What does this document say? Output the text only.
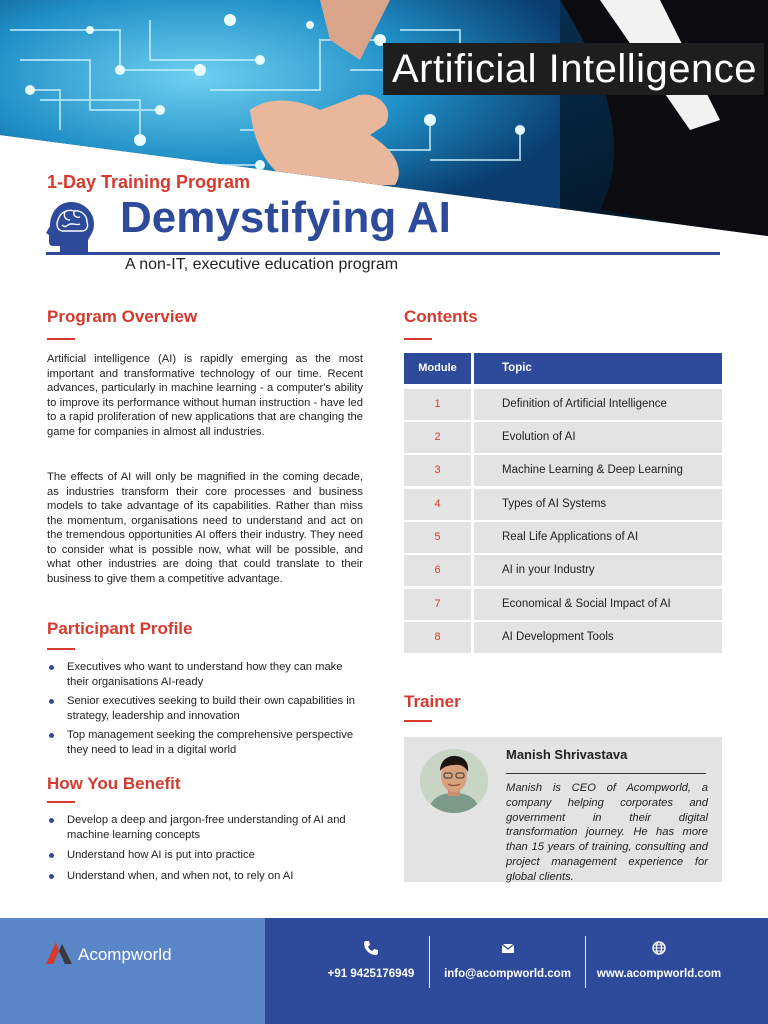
Artificial Intelligence
1-Day Training Program
Demystifying AI
A non-IT, executive education program
Program Overview

Artificial intelligence (AI) is rapidly emerging as the most important and transformative technology of our time. Recent advances, particularly in machine learning - a computer's ability to improve its performance without human instruction - have led to a rapid proliferation of new applications that are changing the game for companies in almost all industries.

The effects of AI will only be magnified in the coming decade, as industries transform their core processes and business models to take advantage of its capabilities. Rather than miss the momentum, organisations need to understand and act on the tremendous opportunities AI offers their industry. They need to consider what is possible now, what will be possible, and what other industries are doing that could translate to their business to give them a competitive advantage.

Participant Profile
Executives who want to understand how they can make their organisations AI-ready
Senior executives seeking to build their own capabilities in strategy, leadership and innovation
Top management seeking the comprehensive perspective they need to lead in a digital world
How You Benefit
Develop a deep and jargon-free understanding of AI and machine learning concepts
Understand how AI is put into practice
Understand when, and when not, to rely on AI
Contents
Module	Topic
1	Definition of Artificial Intelligence
2	Evolution of AI
3	Machine Learning & Deep Learning
4	Types of AI Systems
5	Real Life Applications of AI
6	AI in your Industry
7	Economical & Social Impact of AI
8	AI Development Tools
Trainer
Manish Shrivastava

Manish is CEO of Acompworld, a company helping corporates and government in their digital transformation journey. He has more than 15 years of training, consulting and project management experience for global clients.

Acompworld
+91 9425176949	info@acompworld.com	www.acompworld.com
